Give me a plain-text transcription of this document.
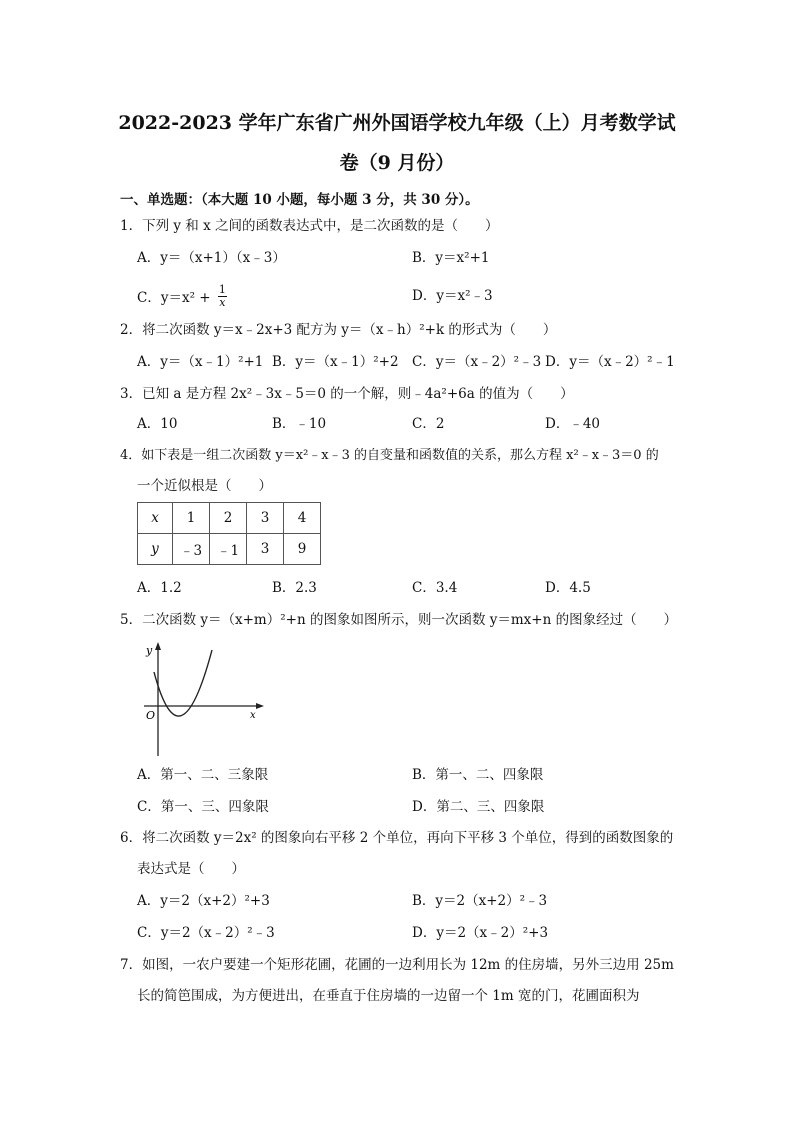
2022-2023 学年广东省广州外国语学校九年级（上）月考数学试
卷（9 月份）
一、单选题：（本大题 10 小题，每小题 3 分，共 30 分）。
1．下列 y 和 x 之间的函数表达式中，是二次函数的是（　　）
A．y＝（x+1）（x﹣3）	B．y＝x²+1
C．$y=x^2 + \frac{1}{x}$	D．y＝x²﹣3
2．将二次函数 y＝x﹣2x+3 配方为 y＝（x﹣h）²+k 的形式为（　　）
A．y＝（x﹣1）²+1 B．y＝（x﹣1）²+2 C．y＝（x﹣2）²﹣3 D．y＝（x﹣2）²﹣1
3．已知 a 是方程 2x²﹣3x﹣5＝0 的一个解，则﹣4a²+6a 的值为（　　）
A．10	B．﹣10	C．2	D．﹣40
4．如下表是一组二次函数 y＝x²﹣x﹣3 的自变量和函数值的关系，那么方程 x²﹣x﹣3＝0 的
一个近似根是（　　）
x	1	2	3	4
y	﹣3	﹣1	3	9
A．1.2	B．2.3	C．3.4	D．4.5
5．二次函数 y＝（x+m）²+n 的图象如图所示，则一次函数 y＝mx+n 的图象经过（　　）
y
O	x
A．第一、二、三象限	B．第一、二、四象限
C．第一、三、四象限	D．第二、三、四象限
6．将二次函数 y＝2x² 的图象向右平移 2 个单位，再向下平移 3 个单位，得到的函数图象的
表达式是（　　）
A．y＝2（x+2）²+3	B．y＝2（x+2）²﹣3
C．y＝2（x﹣2）²﹣3	D．y＝2（x﹣2）²+3
7．如图，一农户要建一个矩形花圃，花圃的一边利用长为 12m 的住房墙，另外三边用 25m
长的简笆围成，为方便进出，在垂直于住房墙的一边留一个 1m 宽的门，花圃面积为
